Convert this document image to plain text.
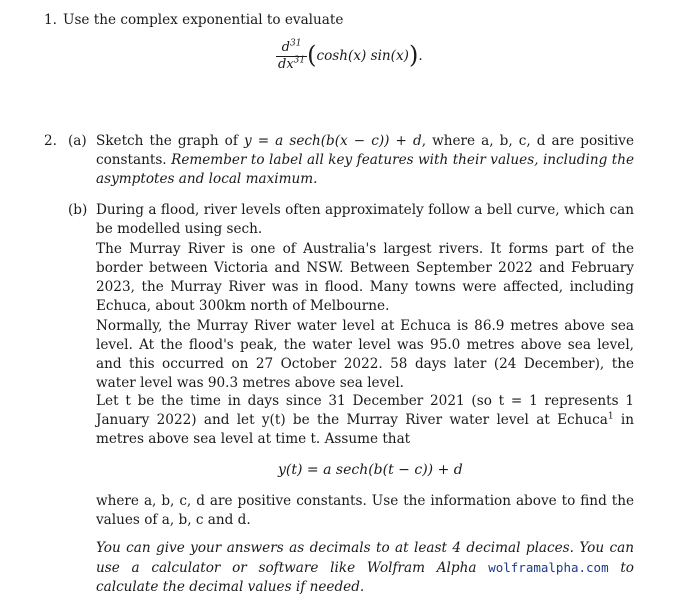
1. Use the complex exponential to evaluate
$\frac{d^{31}}{dx^{31}} (\cosh(x)$ sin(x)).
2. (a) Sketch the graph of y = a sech(b(x − c)) + d, where a, b, c, d are positive constants. Remember to label all key features with their values, including the asymptotes and local maximum.
(b) During a flood, river levels often approximately follow a bell curve, which can be modelled using sech.
The Murray River is one of Australia's largest rivers. It forms part of the border between Victoria and NSW. Between September 2022 and February 2023, the Murray River was in flood. Many towns were affected, including Echuca, about 300km north of Melbourne.
Normally, the Murray River water level at Echuca is 86.9 metres above sea level. At the flood's peak, the water level was 95.0 metres above sea level, and this occurred on 27 October 2022. 58 days later (24 December), the water level was 90.3 metres above sea level.
Let t be the time in days since 31 December 2021 (so t = 1 represents 1 January 2022) and let y(t) be the Murray River water level at Echuca$^1$ in metres above sea level at time t. Assume that
y(t) = a sech(b(t − c)) + d
where a, b, c, d are positive constants. Use the information above to find the values of a, b, c and d.
You can give your answers as decimals to at least 4 decimal places. You can use a calculator or software like Wolfram Alpha wolframalpha.com to calculate the decimal values if needed.
